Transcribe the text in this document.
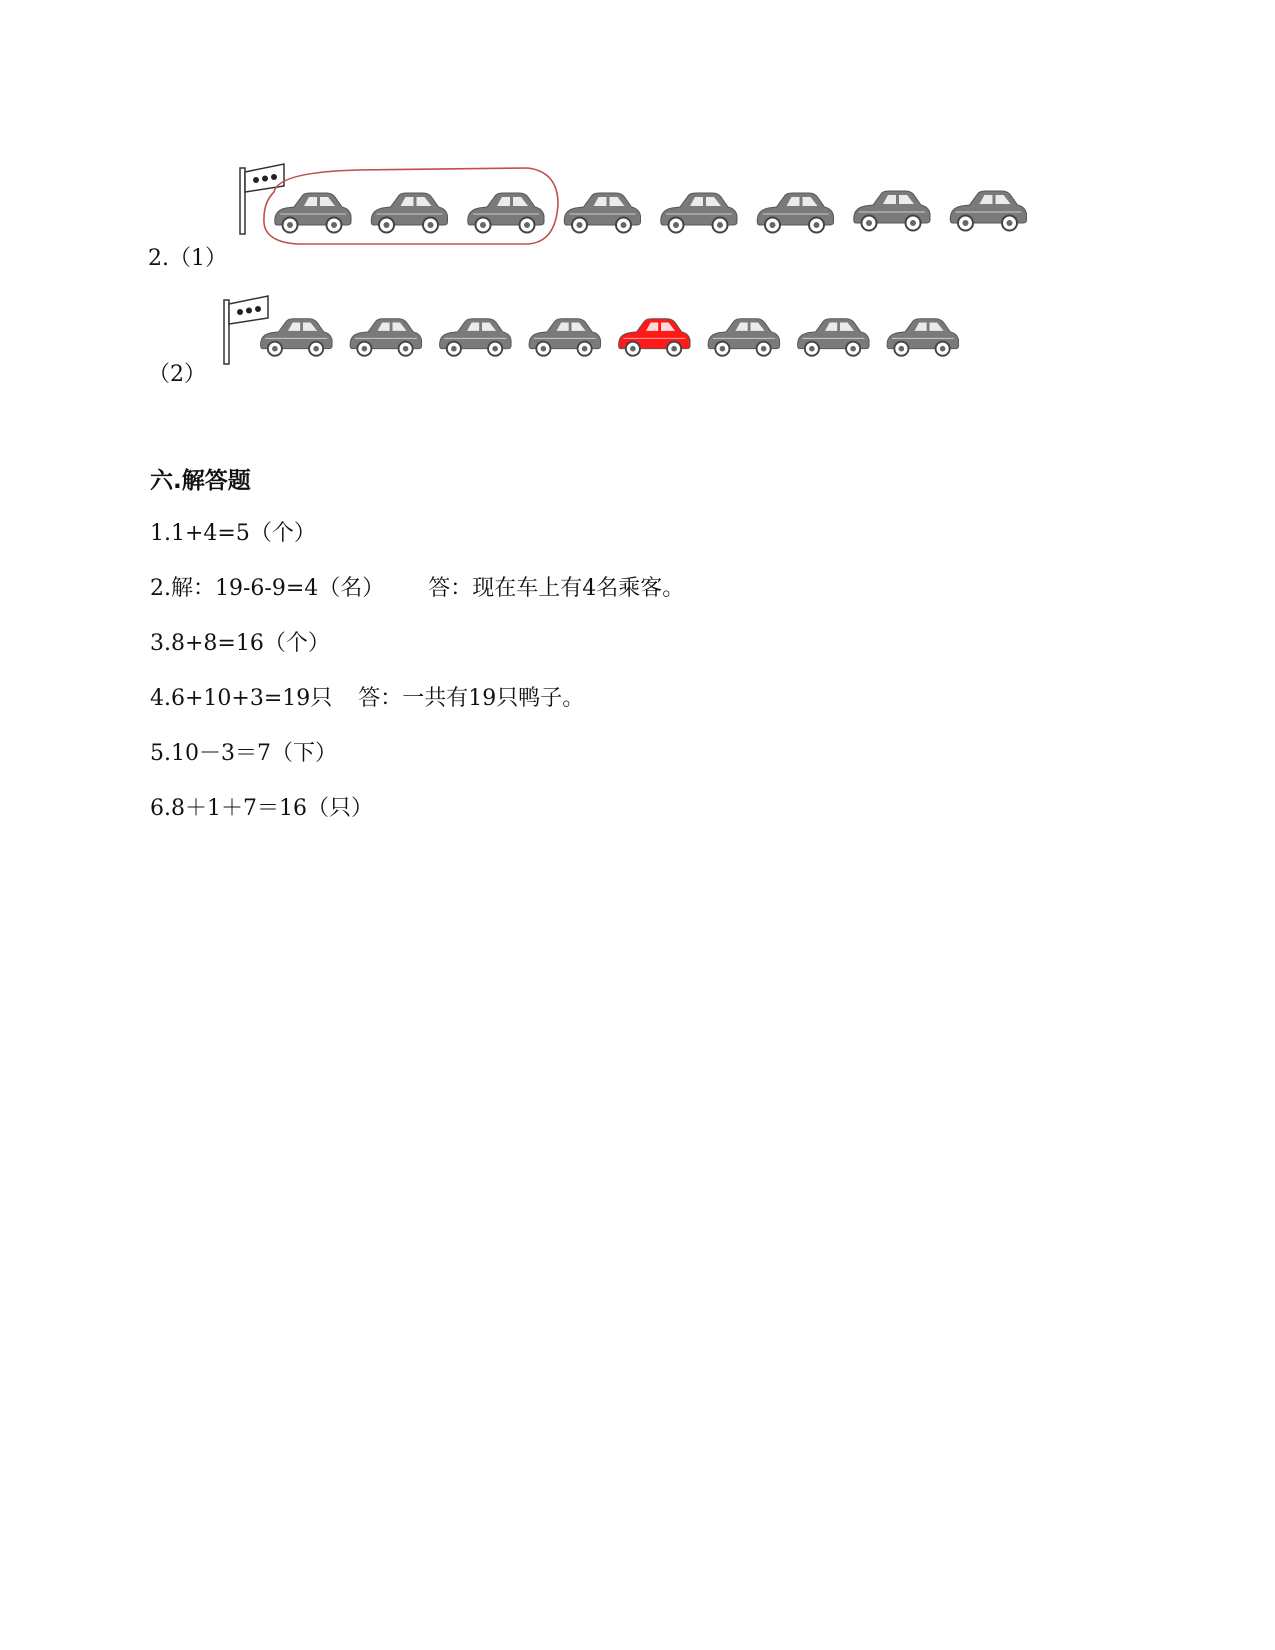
2.（1）
（2）
六.解答题
1.1+4=5（个）
2.解：19-6-9=4（名） 答：现在车上有4名乘客。
3.8+8=16（个）
4.6+10+3=19只 答：一共有19只鸭子。
5.10－3＝7（下）
6.8＋1＋7＝16（只）
